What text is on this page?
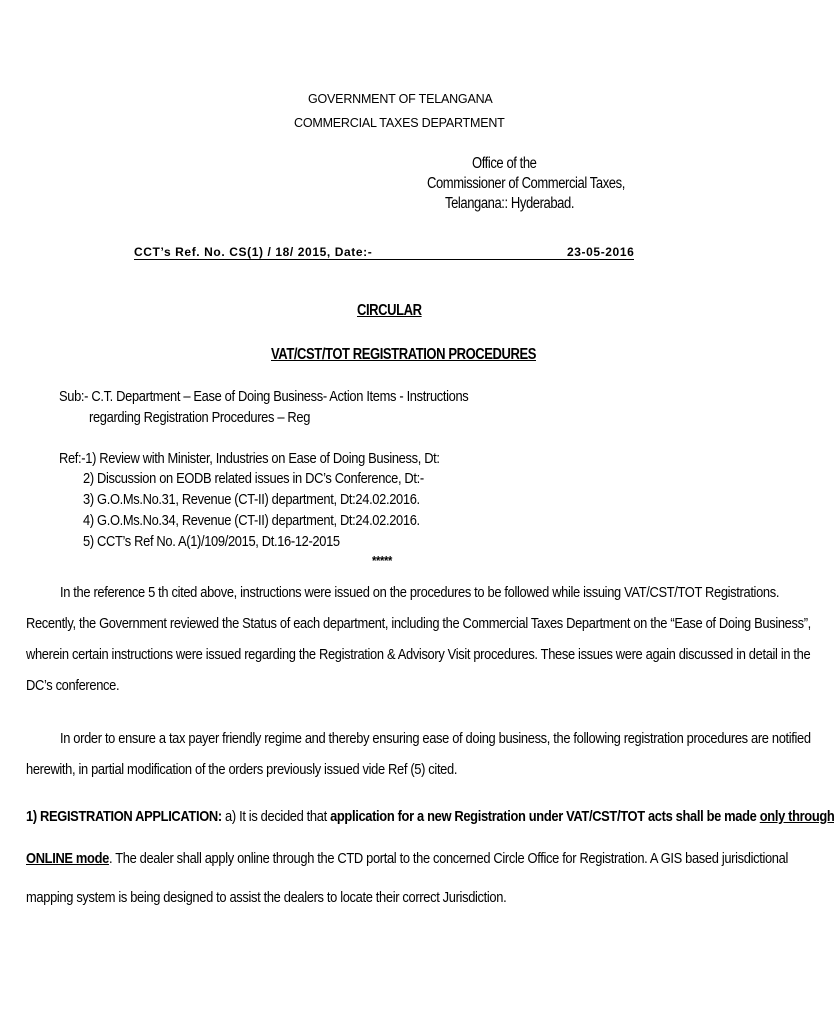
GOVERNMENT OF TELANGANA
COMMERCIAL TAXES DEPARTMENT
Office of the
Commissioner of Commercial Taxes,
Telangana:: Hyderabad.
CCT’s Ref. No. CS(1) / 18/ 2015, Date:-	23-05-2016
CIRCULAR
VAT/CST/TOT REGISTRATION PROCEDURES
Sub:- C.T. Department – Ease of Doing Business- Action Items - Instructions
regarding Registration Procedures – Reg
Ref:-1) Review with Minister, Industries on Ease of Doing Business, Dt:
2) Discussion on EODB related issues in DC’s Conference, Dt:-
3) G.O.Ms.No.31, Revenue (CT-II) department, Dt:24.02.2016.
4) G.O.Ms.No.34, Revenue (CT-II) department, Dt:24.02.2016.
5) CCT’s Ref No. A(1)/109/2015, Dt.16-12-2015
*****
In the reference 5 th cited above, instructions were issued on the procedures to be followed while issuing VAT/CST/TOT Registrations.
Recently, the Government reviewed the Status of each department, including the Commercial Taxes Department on the “Ease of Doing Business”,
wherein certain instructions were issued regarding the Registration & Advisory Visit procedures. These issues were again discussed in detail in the
DC’s conference.
In order to ensure a tax payer friendly regime and thereby ensuring ease of doing business, the following registration procedures are notified
herewith, in partial modification of the orders previously issued vide Ref (5) cited.
1) REGISTRATION APPLICATION: a) It is decided that application for a new Registration under VAT/CST/TOT acts shall be made only through
ONLINE mode. The dealer shall apply online through the CTD portal to the concerned Circle Office for Registration. A GIS based jurisdictional
mapping system is being designed to assist the dealers to locate their correct Jurisdiction.
